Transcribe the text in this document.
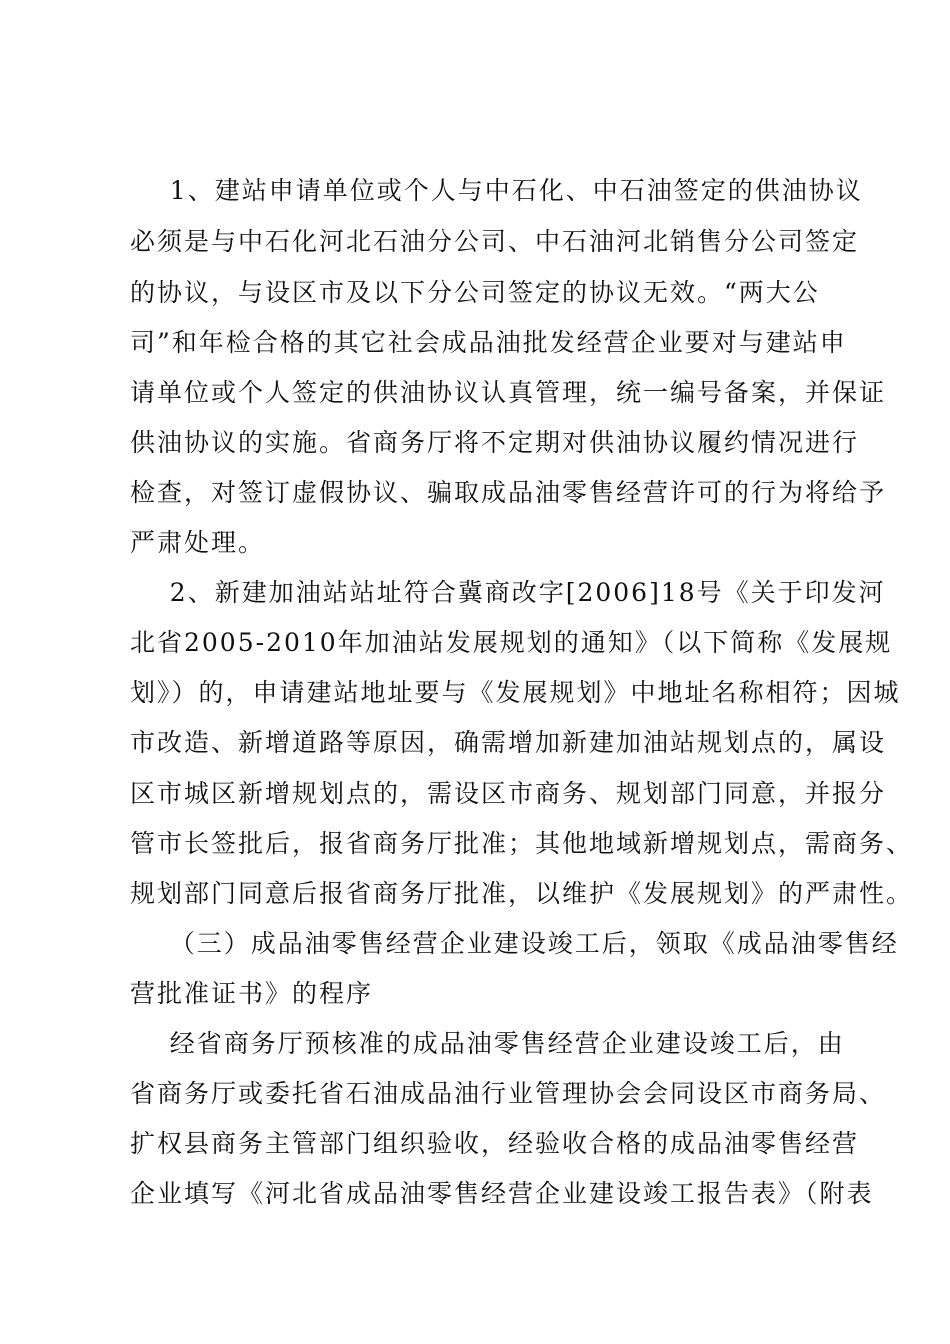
1、建站申请单位或个人与中石化、中石油签定的供油协议
必须是与中石化河北石油分公司、中石油河北销售分公司签定
的协议，与设区市及以下分公司签定的协议无效。“两大公
司”和年检合格的其它社会成品油批发经营企业要对与建站申
请单位或个人签定的供油协议认真管理，统一编号备案，并保证
供油协议的实施。省商务厅将不定期对供油协议履约情况进行
检查，对签订虚假协议、骗取成品油零售经营许可的行为将给予
严肃处理。
2、新建加油站站址符合冀商改字[2006]18号《关于印发河
北省2005-2010年加油站发展规划的通知》（以下简称《发展规
划》）的，申请建站地址要与《发展规划》中地址名称相符；因城
市改造、新增道路等原因，确需增加新建加油站规划点的，属设
区市城区新增规划点的，需设区市商务、规划部门同意，并报分
管市长签批后，报省商务厅批准；其他地域新增规划点，需商务、
规划部门同意后报省商务厅批准，以维护《发展规划》的严肃性。
（三）成品油零售经营企业建设竣工后，领取《成品油零售经
营批准证书》的程序
经省商务厅预核准的成品油零售经营企业建设竣工后，由
省商务厅或委托省石油成品油行业管理协会会同设区市商务局、
扩权县商务主管部门组织验收，经验收合格的成品油零售经营
企业填写《河北省成品油零售经营企业建设竣工报告表》（附表
